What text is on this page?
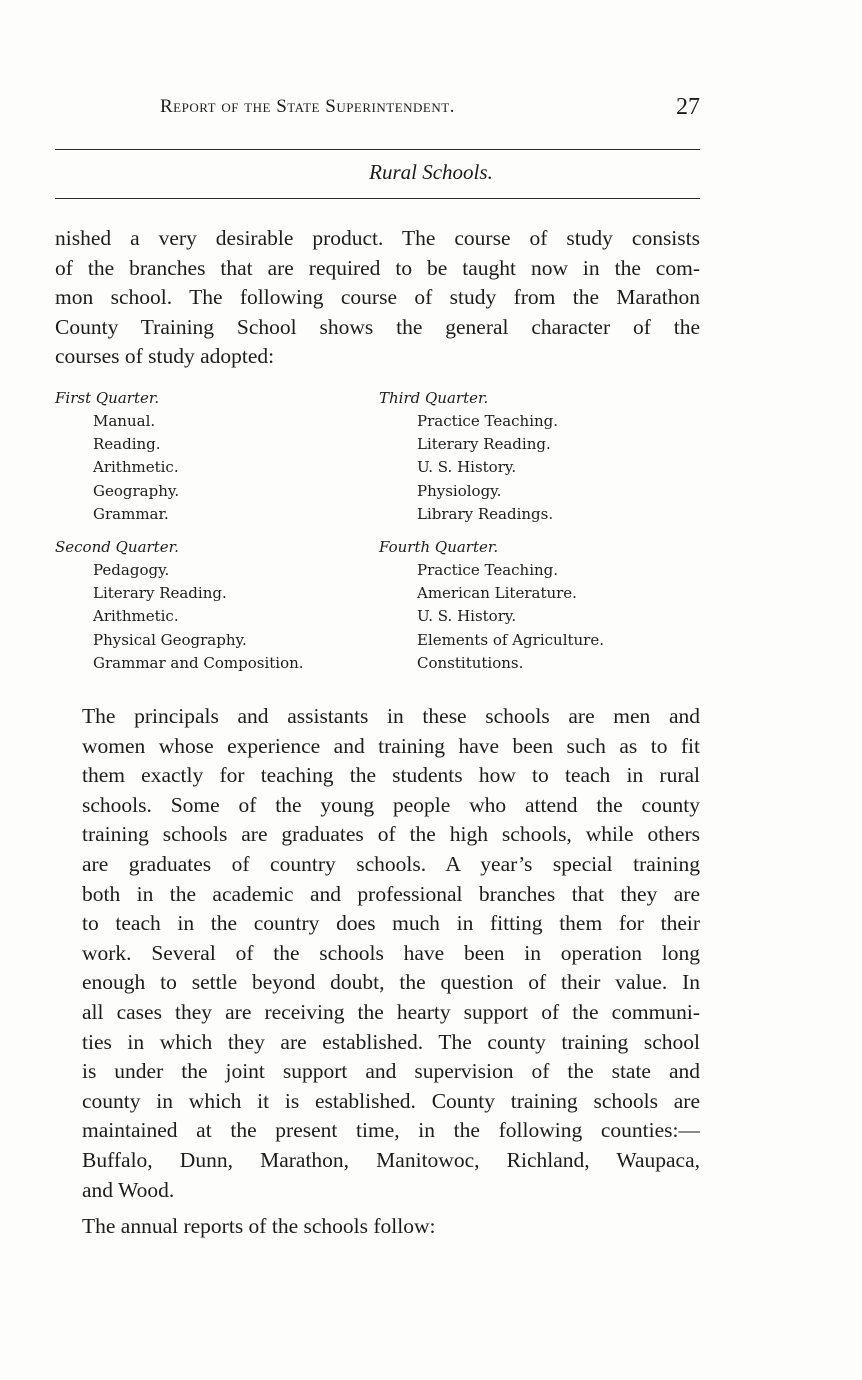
Report of the State Superintendent.	27
Rural Schools.
nished a very desirable product. The course of study consists
of the branches that are required to be taught now in the com-
mon school. The following course of study from the Marathon
County Training School shows the general character of the
courses of study adopted:
First Quarter.
Manual.
Reading.
Arithmetic.
Geography.
Grammar.
Second Quarter.
Pedagogy.
Literary Reading.
Arithmetic.
Physical Geography.
Grammar and Composition.
Third Quarter.
Practice Teaching.
Literary Reading.
U. S. History.
Physiology.
Library Readings.
Fourth Quarter.
Practice Teaching.
American Literature.
U. S. History.
Elements of Agriculture.
Constitutions.
The principals and assistants in these schools are men and
women whose experience and training have been such as to fit
them exactly for teaching the students how to teach in rural
schools. Some of the young people who attend the county
training schools are graduates of the high schools, while others
are graduates of country schools. A year’s special training
both in the academic and professional branches that they are
to teach in the country does much in fitting them for their
work. Several of the schools have been in operation long
enough to settle beyond doubt, the question of their value. In
all cases they are receiving the hearty support of the communi-
ties in which they are established. The county training school
is under the joint support and supervision of the state and
county in which it is established. County training schools are
maintained at the present time, in the following counties:—
Buffalo, Dunn, Marathon, Manitowoc, Richland, Waupaca,
and Wood.
The annual reports of the schools follow:
